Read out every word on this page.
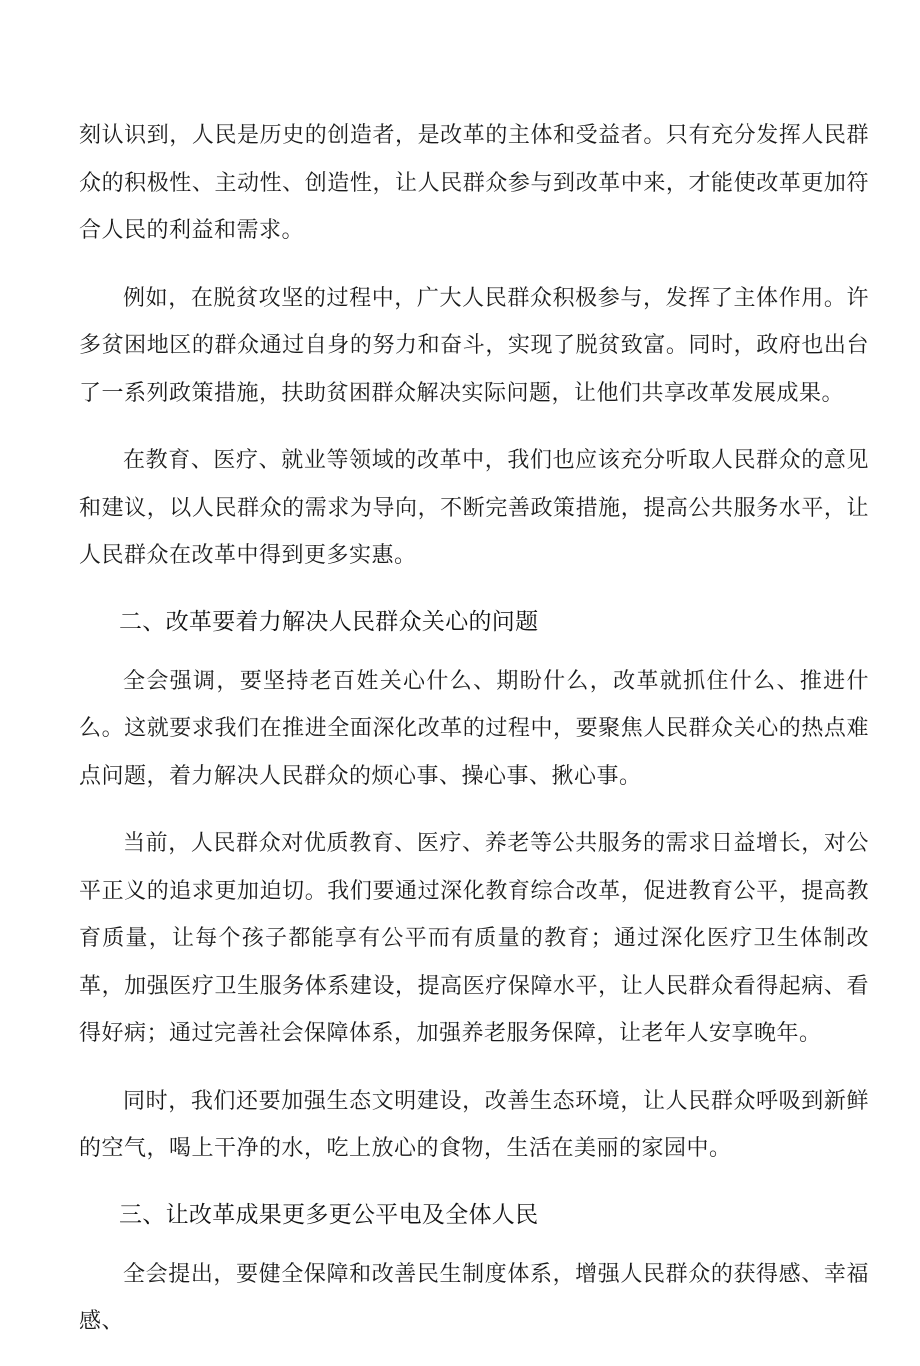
刻认识到，人民是历史的创造者，是改革的主体和受益者。只有充分发挥人民群众的积极性、主动性、创造性，让人民群众参与到改革中来，才能使改革更加符合人民的利益和需求。

例如，在脱贫攻坚的过程中，广大人民群众积极参与，发挥了主体作用。许多贫困地区的群众通过自身的努力和奋斗，实现了脱贫致富。同时，政府也出台了一系列政策措施，扶助贫困群众解决实际问题，让他们共享改革发展成果。

在教育、医疗、就业等领域的改革中，我们也应该充分听取人民群众的意见和建议，以人民群众的需求为导向，不断完善政策措施，提高公共服务水平，让人民群众在改革中得到更多实惠。

二、改革要着力解决人民群众关心的问题

全会强调，要坚持老百姓关心什么、期盼什么，改革就抓住什么、推进什么。这就要求我们在推进全面深化改革的过程中，要聚焦人民群众关心的热点难点问题，着力解决人民群众的烦心事、操心事、揪心事。

当前，人民群众对优质教育、医疗、养老等公共服务的需求日益增长，对公平正义的追求更加迫切。我们要通过深化教育综合改革，促进教育公平，提高教育质量，让每个孩子都能享有公平而有质量的教育；通过深化医疗卫生体制改革，加强医疗卫生服务体系建设，提高医疗保障水平，让人民群众看得起病、看得好病；通过完善社会保障体系，加强养老服务保障，让老年人安享晚年。

同时，我们还要加强生态文明建设，改善生态环境，让人民群众呼吸到新鲜的空气，喝上干净的水，吃上放心的食物，生活在美丽的家园中。

三、让改革成果更多更公平电及全体人民

全会提出，要健全保障和改善民生制度体系，增强人民群众的获得感、幸福感、
